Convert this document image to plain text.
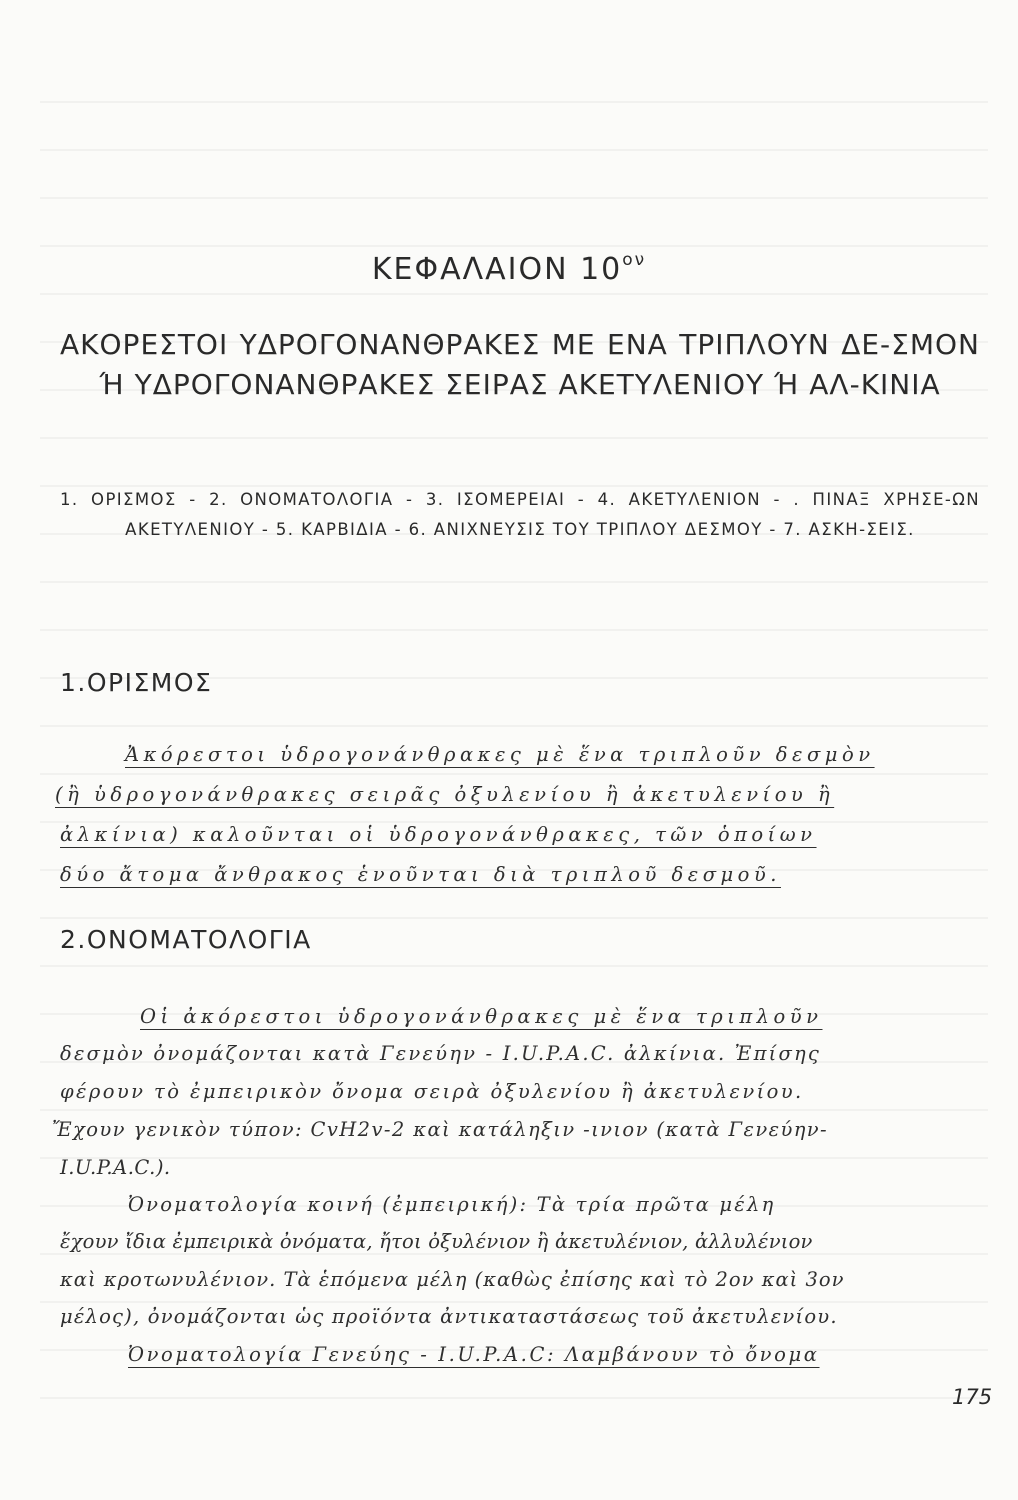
ΚΕΦΑΛΑΙΟΝ $10^{o\nu}$
ΑΚΟΡΕΣΤΟΙ ΥΔΡΟΓΟΝΑΝΘΡΑΚΕΣ ΜΕ ΕΝΑ ΤΡΙΠΛΟΥΝ ΔΕ-ΣΜΟΝ Ή ΥΔΡΟΓΟΝΑΝΘΡΑΚΕΣ ΣΕΙΡΑΣ ΑΚΕΤΥΛΕΝΙΟΥ Ή ΑΛ-ΚΙΝΙΑ
1. ΟΡΙΣΜΟΣ - 2. ΟΝΟΜΑΤΟΛΟΓΙΑ - 3. ΙΣΟΜΕΡΕΙΑΙ - 4. ΑΚΕΤΥΛΕΝΙΟΝ - . ΠΙΝΑΞ ΧΡΗΣΕ-ΩΝ ΑΚΕΤΥΛΕΝΙΟΥ - 5. ΚΑΡΒΙΔΙΑ - 6. ΑΝΙΧΝΕΥΣΙΣ ΤΟΥ ΤΡΙΠΛΟΥ ΔΕΣΜΟΥ - 7. ΑΣΚΗ-ΣΕΙΣ.
1.ΟΡΙΣΜΟΣ
Ἀκόρεστοι ὑδρογονάνθρακες μὲ ἕνα τριπλοῦν δεσμὸν
(ἢ ὑδρογονάνθρακες σειρᾶς ὀξυλενίου ἢ ἀκετυλενίου ἢ
ἀλκίνια) καλοῦνται οἱ ὑδρογονάνθρακες, τῶν ὁποίων
δύο ἄτομα ἄνθρακος ἑνοῦνται διὰ τριπλοῦ δεσμοῦ.
2.ΟΝΟΜΑΤΟΛΟΓΙΑ
Οἱ ἀκόρεστοι ὑδρογονάνθρακες μὲ ἕνα τριπλοῦν
δεσμὸν ὀνομάζονται κατὰ Γενεύην - I.U.P.A.C. ἀλκίνια. Ἐπίσης
φέρουν τὸ ἐμπειρικὸν ὄνομα σειρὰ ὀξυλενίου ἢ ἀκετυλενίου.
Ἔχουν γενικὸν τύπον: CvH2v-2 καὶ κατάληξιν -ινιον (κατὰ Γενεύην-
I.U.P.A.C.).
Ὀνοματολογία κοινή (ἐμπειρική): Τὰ τρία πρῶτα μέλη
ἔχουν ἴδια ἐμπειρικὰ ὀνόματα, ἤτοι ὀξυλένιον ἢ ἀκετυλένιον, ἀλλυλένιον
καὶ κροτωνυλένιον. Τὰ ἑπόμενα μέλη (καθὼς ἐπίσης καὶ τὸ 2ον καὶ 3ον
μέλος), ὀνομάζονται ὡς προϊόντα ἀντικαταστάσεως τοῦ ἀκετυλενίου.
Ὀνοματολογία Γενεύης - I.U.P.A.C: Λαμβάνουν τὸ ὄνομα
175
